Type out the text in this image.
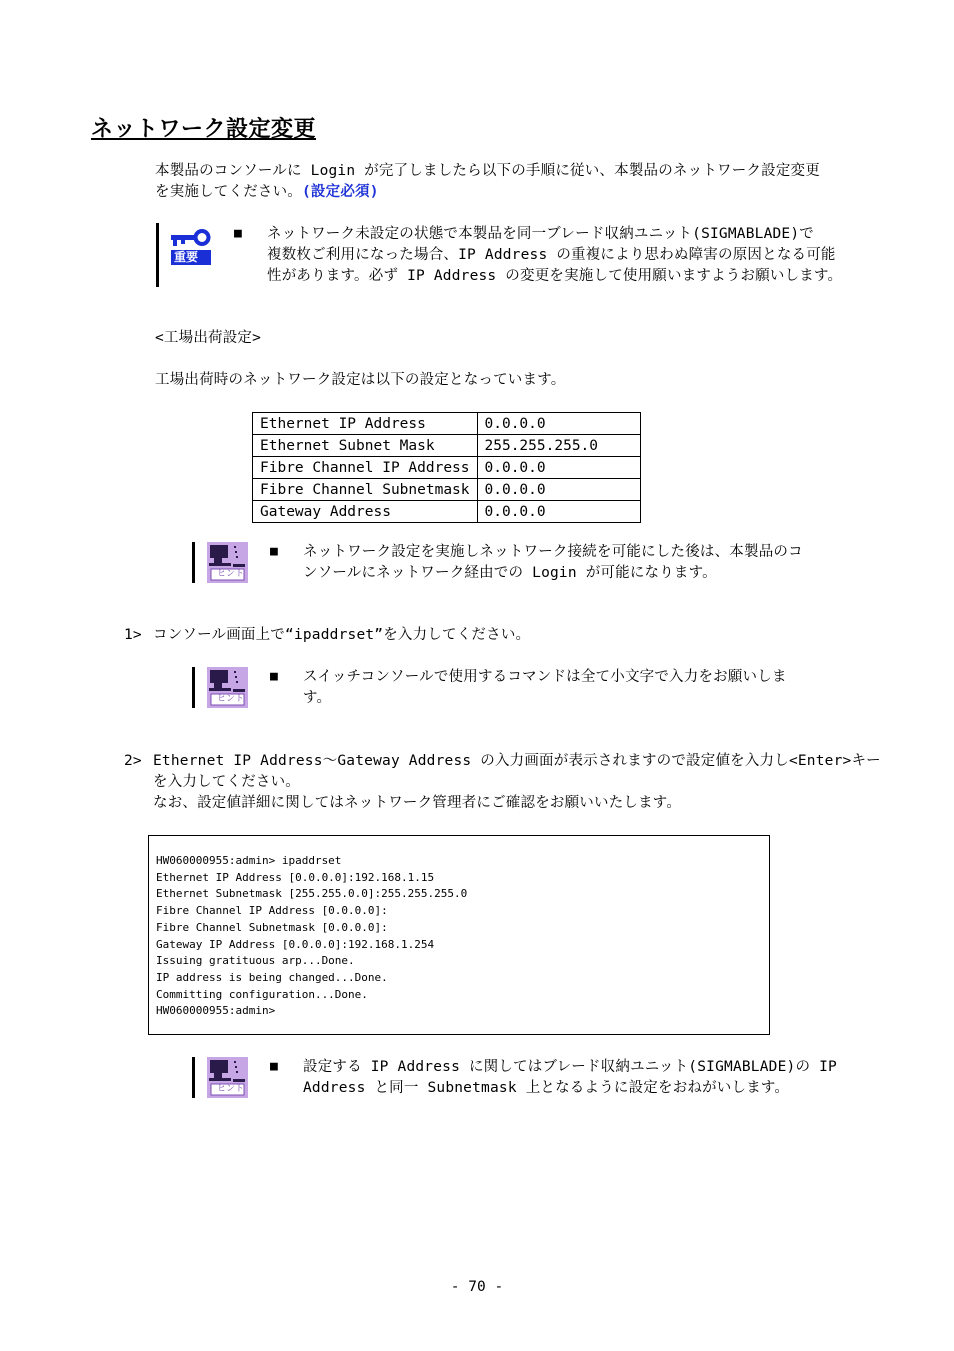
ネットワーク設定変更
本製品のコンソールに Login が完了しましたら以下の手順に従い、本製品のネットワーク設定変更
を実施してください。(設定必須)
重要
■ ネットワーク未設定の状態で本製品を同一ブレード収納ユニット(SIGMABLADE)で
複数枚ご利用になった場合、IP Address の重複により思わぬ障害の原因となる可能
性があります。必ず IP Address の変更を実施して使用願いますようお願いします。
<工場出荷設定>
工場出荷時のネットワーク設定は以下の設定となっています。
Ethernet IP Address	0.0.0.0
Ethernet Subnet Mask	255.255.255.0
Fibre Channel IP Address	0.0.0.0
Fibre Channel Subnetmask	0.0.0.0
Gateway Address	0.0.0.0
ヒント
■ ネットワーク設定を実施しネットワーク接続を可能にした後は、本製品のコ
ンソールにネットワーク経由での Login が可能になります。
1> コンソール画面上で“ipaddrset”を入力してください。
ヒント
■ スイッチコンソールで使用するコマンドは全て小文字で入力をお願いしま
す。
2> Ethernet IP Address～Gateway Address の入力画面が表示されますので設定値を入力し<Enter>キー
を入力してください。
なお、設定値詳細に関してはネットワーク管理者にご確認をお願いいたします。
HW060000955:admin> ipaddrset
Ethernet IP Address [0.0.0.0]:192.168.1.15
Ethernet Subnetmask [255.255.0.0]:255.255.255.0
Fibre Channel IP Address [0.0.0.0]:
Fibre Channel Subnetmask [0.0.0.0]:
Gateway IP Address [0.0.0.0]:192.168.1.254
Issuing gratituous arp...Done.
IP address is being changed...Done.
Committing configuration...Done.
HW060000955:admin>
ヒント
■ 設定する IP Address に関してはブレード収納ユニット(SIGMABLADE)の IP
Address と同一 Subnetmask 上となるように設定をおねがいします。
- 70 -
